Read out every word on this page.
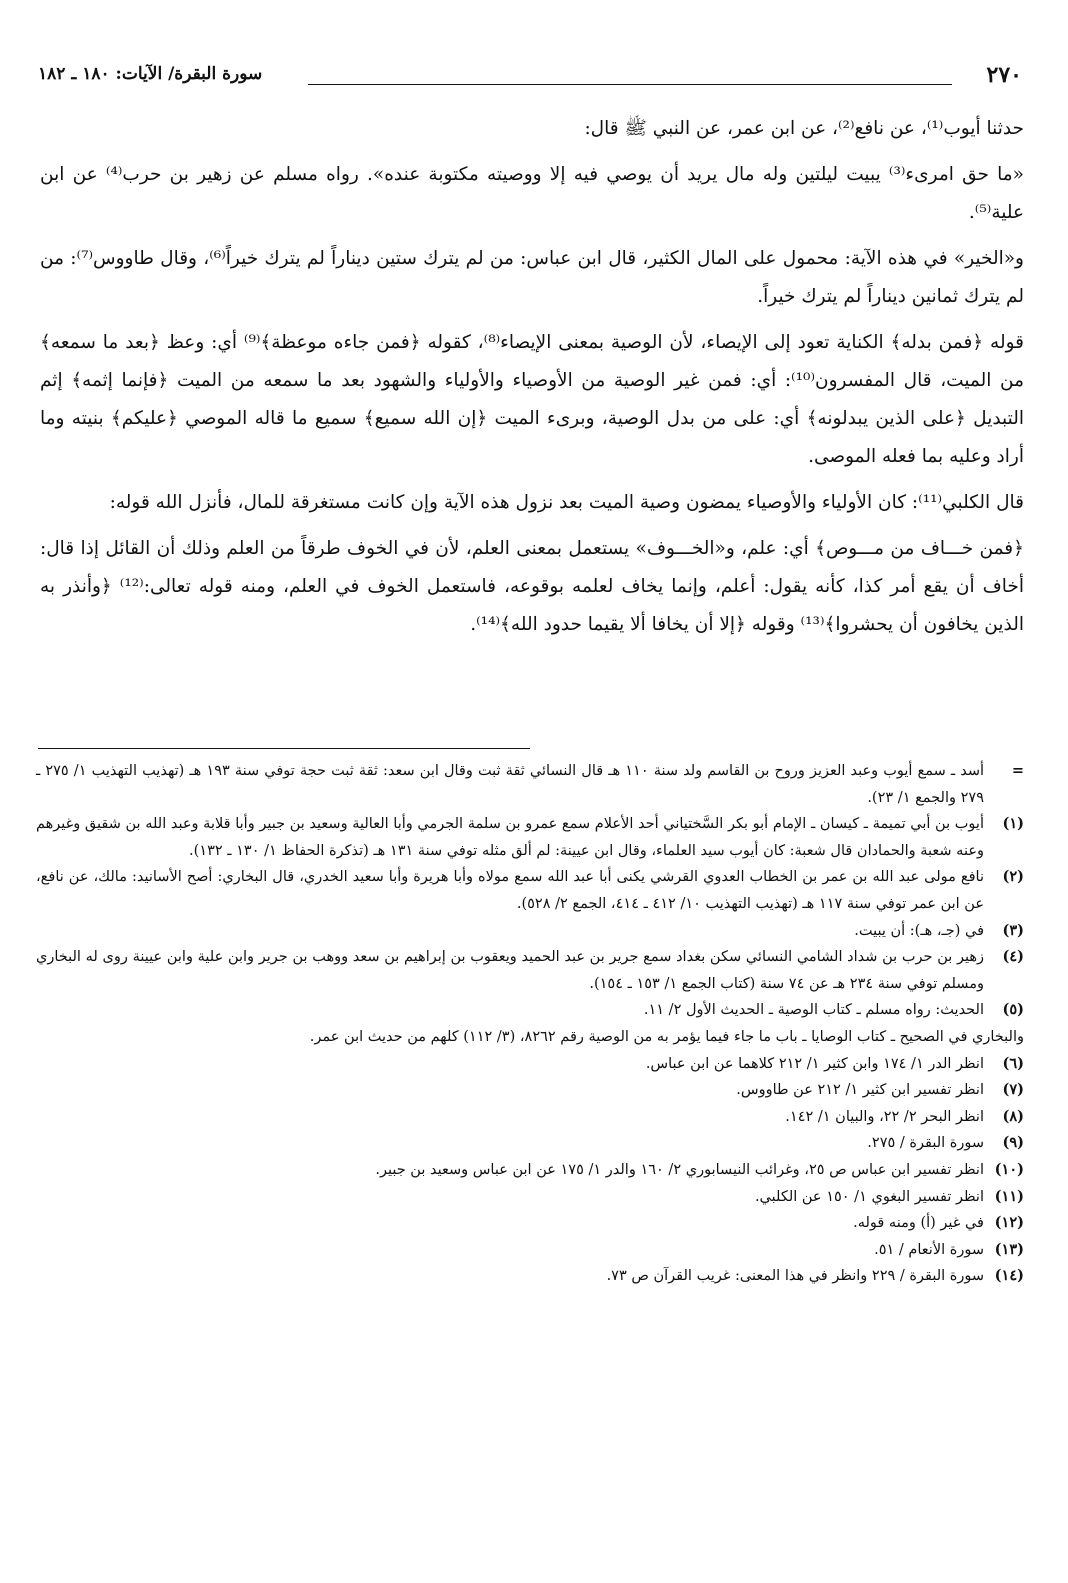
٢٧٠
سورة البقرة/ الآيات: ١٨٠ ـ ١٨٢

حدثنا أيوب⁽¹⁾، عن نافع⁽²⁾، عن ابن عمر، عن النبي ﷺ قال:

«ما حق امرىء⁽³⁾ يبيت ليلتين وله مال يريد أن يوصي فيه إلا ووصيته مكتوبة عنده». رواه مسلم عن زهير بن حرب⁽⁴⁾ عن ابن علية⁽⁵⁾.

و«الخير» في هذه الآية: محمول على المال الكثير، قال ابن عباس: من لم يترك ستين ديناراً لم يترك خيراً⁽⁶⁾، وقال طاووس⁽⁷⁾: من لم يترك ثمانين ديناراً لم يترك خيراً.

قوله ﴿فمن بدله﴾ الكناية تعود إلى الإيصاء، لأن الوصية بمعنى الإيصاء⁽⁸⁾، كقوله ﴿فمن جاءه موعظة﴾⁽⁹⁾ أي: وعظ ﴿بعد ما سمعه﴾ من الميت، قال المفسرون⁽¹⁰⁾: أي: فمن غير الوصية من الأوصياء والأولياء والشهود بعد ما سمعه من الميت ﴿فإنما إثمه﴾ إثم التبديل ﴿على الذين يبدلونه﴾ أي: على من بدل الوصية، وبرىء الميت ﴿إن الله سميع﴾ سميع ما قاله الموصي ﴿عليكم﴾ بنيته وما أراد وعليه بما فعله الموصى.

قال الكلبي⁽¹¹⁾: كان الأولياء والأوصياء يمضون وصية الميت بعد نزول هذه الآية وإن كانت مستغرقة للمال، فأنزل الله قوله:

﴿فمن خـــاف من مـــوص﴾ أي: علم، و«الخـــوف» يستعمل بمعنى العلم، لأن في الخوف طرقاً من العلم وذلك أن القائل إذا قال: أخاف أن يقع أمر كذا، كأنه يقول: أعلم، وإنما يخاف لعلمه بوقوعه، فاستعمل الخوف في العلم، ومنه قوله تعالى:⁽¹²⁾ ﴿وأنذر به الذين يخافون أن يحشروا﴾⁽¹³⁾ وقوله ﴿إلا أن يخافا ألا يقيما حدود الله﴾⁽¹⁴⁾.

=
أسد ـ سمع أيوب وعبد العزيز وروح بن القاسم ولد سنة ١١٠ هـ قال النسائي ثقة ثبت وقال ابن سعد: ثقة ثبت حجة توفي سنة ١٩٣ هـ (تهذيب التهذيب ١/ ٢٧٥ ـ ٢٧٩ والجمع ١/ ٢٣).
(١)
أيوب بن أبي تميمة ـ كيسان ـ الإمام أبو بكر السَّختياني أحد الأعلام سمع عمرو بن سلمة الجرمي وأبا العالية وسعيد بن جبير وأبا قلابة وعبد الله بن شقيق وغيرهم وعنه شعبة والحمادان قال شعبة: كان أيوب سيد العلماء، وقال ابن عيينة: لم ألق مثله توفي سنة ١٣١ هـ (تذكرة الحفاظ ١/ ١٣٠ ـ ١٣٢).
(٢)
نافع مولى عبد الله بن عمر بن الخطاب العدوي القرشي يكنى أبا عبد الله سمع مولاه وأبا هريرة وأبا سعيد الخدري، قال البخاري: أصح الأسانيد: مالك، عن نافع، عن ابن عمر توفي سنة ١١٧ هـ (تهذيب التهذيب ١٠/ ٤١٢ ـ ٤١٤، الجمع ٢/ ٥٢٨).
(٣)
في (جـ، هـ): أن يبيت.
(٤)
زهير بن حرب بن شداد الشامي النسائي سكن بغداد سمع جرير بن عبد الحميد ويعقوب بن إبراهيم بن سعد ووهب بن جرير وابن علية وابن عيينة روى له البخاري ومسلم توفي سنة ٢٣٤ هـ عن ٧٤ سنة (كتاب الجمع ١/ ١٥٣ ـ ١٥٤).
(٥)
الحديث: رواه مسلم ـ كتاب الوصية ـ الحديث الأول ٢/ ١١.
والبخاري في الصحيح ـ كتاب الوصايا ـ باب ما جاء فيما يؤمر به من الوصية رقم ٨٢٦٢، (٣/ ١١٢) كلهم من حديث ابن عمر.
(٦)
انظر الدر ١/ ١٧٤ وابن كثير ١/ ٢١٢ كلاهما عن ابن عباس.
(٧)
انظر تفسير ابن كثير ١/ ٢١٢ عن طاووس.
(٨)
انظر البحر ٢/ ٢٢، والبيان ١/ ١٤٢.
(٩)
سورة البقرة / ٢٧٥.
(١٠)
انظر تفسير ابن عباس ص ٢٥، وغرائب النيسابوري ٢/ ١٦٠ والدر ١/ ١٧٥ عن ابن عباس وسعيد بن جبير.
(١١)
انظر تفسير البغوي ١/ ١٥٠ عن الكلبي.
(١٢)
في غير (أ) ومنه قوله.
(١٣)
سورة الأنعام / ٥١.
(١٤)
سورة البقرة / ٢٢٩ وانظر في هذا المعنى: غريب القرآن ص ٧٣.
